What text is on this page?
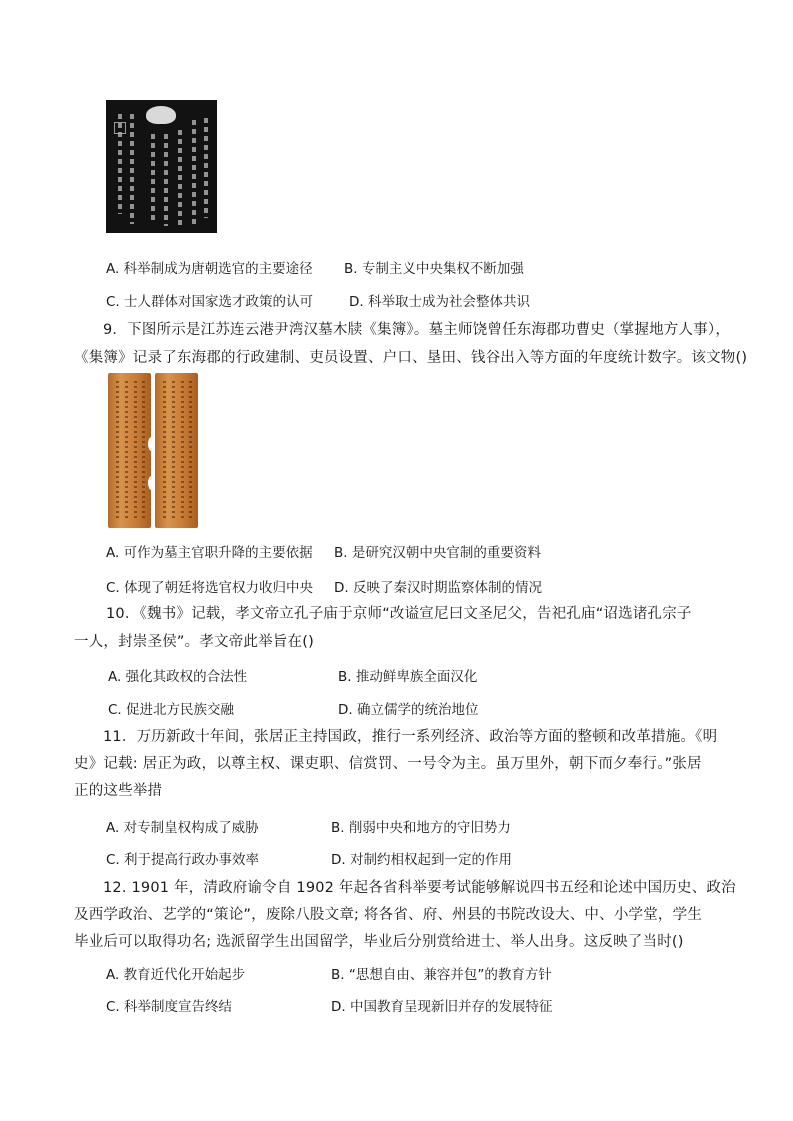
A. 科举制成为唐朝选官的主要途径 B. 专制主义中央集权不断加强
C. 士人群体对国家选才政策的认可	D. 科举取士成为社会整体共识
9．下图所示是江苏连云港尹湾汉墓木牍《集簿》。墓主师饶曾任东海郡功曹史（掌握地方人事），
《集簿》记录了东海郡的行政建制、吏员设置、户口、垦田、钱谷出入等方面的年度统计数字。该文物()
A. 可作为墓主官职升降的主要依据 B. 是研究汉朝中央官制的重要资料
C. 体现了朝廷将选官权力收归中央 D. 反映了秦汉时期监察体制的情况
10．《魏书》记载，孝文帝立孔子庙于京师“改谥宣尼曰文圣尼父，告祀孔庙“诏选诸孔宗子
一人，封崇圣侯”。孝文帝此举旨在()
A. 强化其政权的合法性	B. 推动鲜卑族全面汉化
C. 促进北方民族交融	D. 确立儒学的统治地位
11．万历新政十年间，张居正主持国政，推行一系列经济、政治等方面的整顿和改革措施。《明
史》记载: 居正为政，以尊主权、课吏职、信赏罚、一号令为主。虽万里外，朝下而夕奉行。”张居
正的这些举措
A. 对专制皇权构成了威胁	B. 削弱中央和地方的守旧势力
C. 利于提高行政办事效率	D. 对制约相权起到一定的作用
12. 1901 年，清政府谕令自 1902 年起各省科举要考试能够解说四书五经和论述中国历史、政治
及西学政治、艺学的“策论”，废除八股文章; 将各省、府、州县的书院改设大、中、小学堂，学生
毕业后可以取得功名; 选派留学生出国留学，毕业后分别赏给进士、举人出身。这反映了当时()
A. 教育近代化开始起步	B. “思想自由、兼容并包”的教育方针
C. 科举制度宣告终结	D. 中国教育呈现新旧并存的发展特征
